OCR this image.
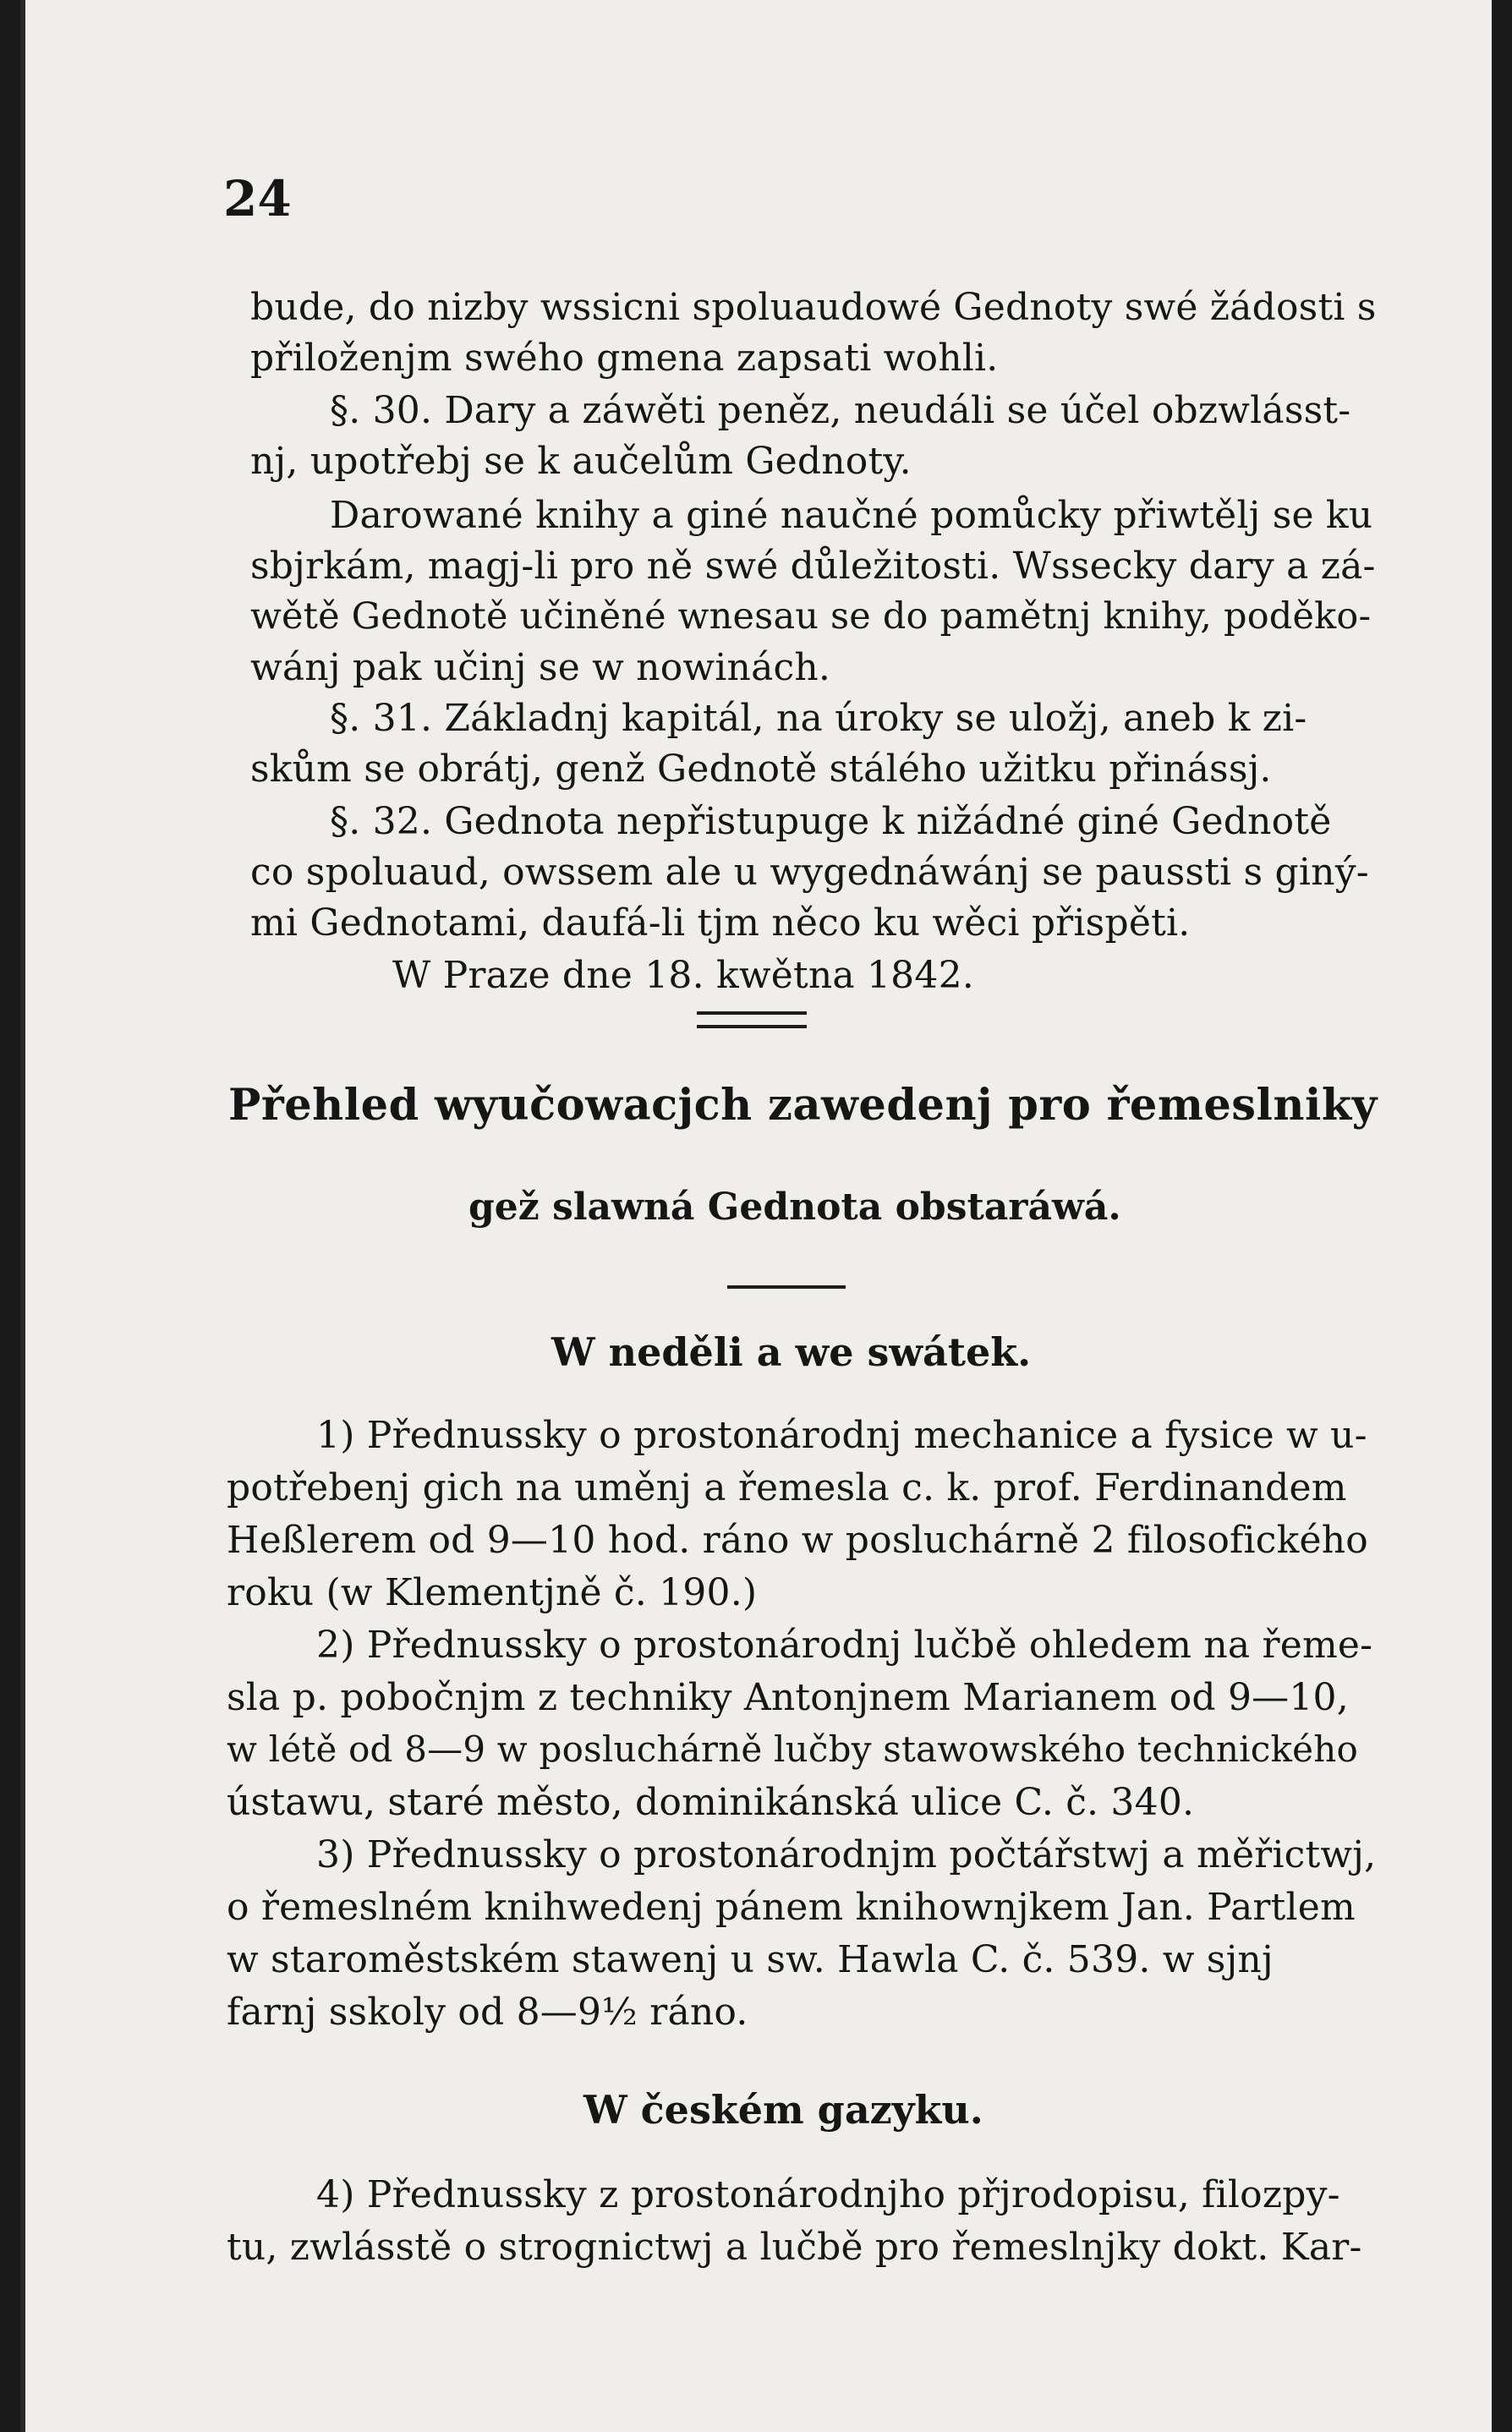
24

bude, do nizby wssicni spoluaudowé Gednoty swé žádosti s

přiloženjm swého gmena zapsati wohli.

§. 30. Dary a záwěti peněz, neudáli se účel obzwlásst-

nj, upotřebj se k aučelům Gednoty.

Darowané knihy a giné naučné pomůcky přiwtělj se ku

sbjrkám, magj-li pro ně swé důležitosti. Wssecky dary a zá-

wětě Gednotě učiněné wnesau se do pamětnj knihy, poděko-

wánj pak učinj se w nowinách.

§. 31. Základnj kapitál, na úroky se uložj, aneb k zi-

skům se obrátj, genž Gednotě stálého užitku přinássj.

§. 32. Gednota nepřistupuge k nižádné giné Gednotě

co spoluaud, owssem ale u wygednáwánj se paussti s giný-

mi Gednotami, daufá-li tjm něco ku wěci přispěti.

W Praze dne 18. kwětna 1842.

Přehled wyučowacjch zawedenj pro řemeslniky

gež slawná Gednota obstaráwá.

W neděli a we swátek.

1) Přednussky o prostonárodnj mechanice a fysice w u-

potřebenj gich na uměnj a řemesla c. k. prof. Ferdinandem

Heßlerem od 9—10 hod. ráno w posluchárně 2 filosofického

roku (w Klementjně č. 190.)

2) Přednussky o prostonárodnj lučbě ohledem na řeme-

sla p. pobočnjm z techniky Antonjnem Marianem od 9—10,

w létě od 8—9 w posluchárně lučby stawowského technického

ústawu, staré město, dominikánská ulice C. č. 340.

3) Přednussky o prostonárodnjm počtářstwj a měřictwj,

o řemeslném knihwedenj pánem knihownjkem Jan. Partlem

w staroměstském stawenj u sw. Hawla C. č. 539. w sjnj

farnj sskoly od 8—9½ ráno.

W českém gazyku.

4) Přednussky z prostonárodnjho přjrodopisu, filozpy-

tu, zwlásstě o strognictwj a lučbě pro řemeslnjky dokt. Kar-
